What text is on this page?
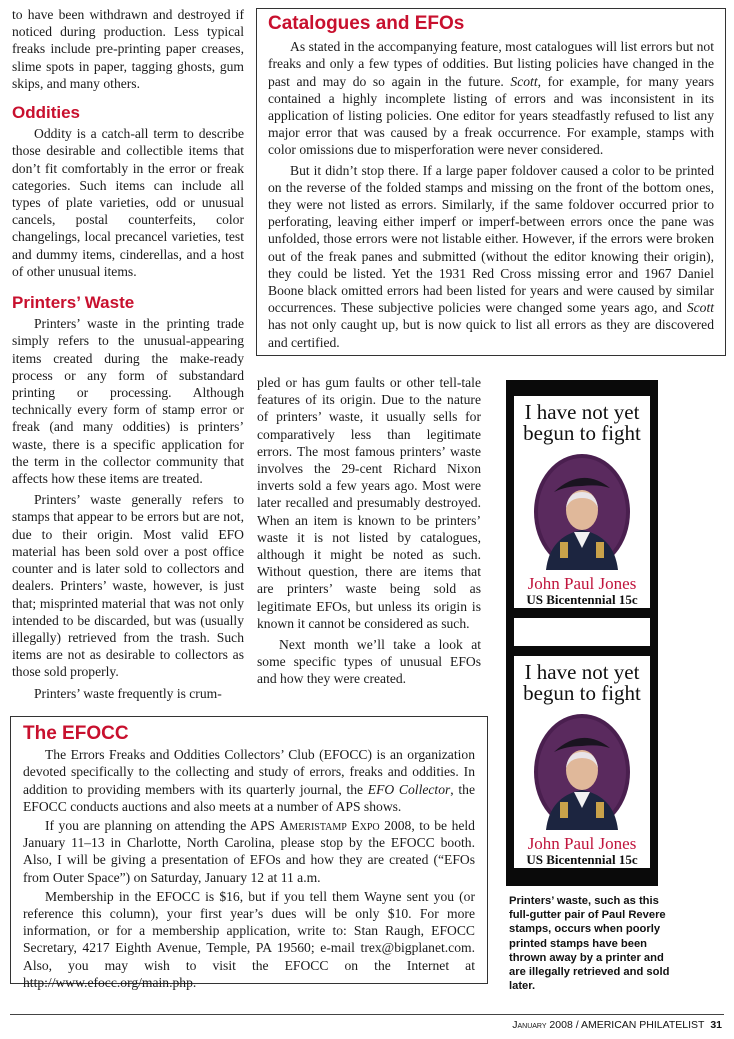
to have been withdrawn and destroyed if noticed during production. Less typical freaks include pre-printing paper creases, slime spots in paper, tagging ghosts, gum skips, and many others.

Oddities

Oddity is a catch-all term to describe those desirable and collectible items that don’t fit comfortably in the error or freak categories. Such items can include all types of plate varieties, odd or unusual cancels, postal counterfeits, color changelings, local precancel varieties, test and dummy items, cinderellas, and a host of other unusual items.

Printers’ Waste

Printers’ waste in the printing trade simply refers to the unusual-appearing items created during the make-ready process or any form of substandard printing or processing. Although technically every form of stamp error or freak (and many oddities) is printers’ waste, there is a specific application for the term in the collector community that affects how these items are treated.

Printers’ waste generally refers to stamps that appear to be errors but are not, due to their origin. Most valid EFO material has been sold over a post office counter and is later sold to collectors and dealers. Printers’ waste, however, is just that; misprinted material that was not only intended to be discarded, but was (usually illegally) retrieved from the trash. Such items are not as desirable to collectors as those sold properly.

Printers’ waste frequently is crum-

Catalogues and EFOs

As stated in the accompanying feature, most catalogues will list errors but not freaks and only a few types of oddities. But listing policies have changed in the past and may do so again in the future. Scott, for example, for many years contained a highly incomplete listing of errors and was inconsistent in its application of listing policies. One editor for years steadfastly refused to list any major error that was caused by a freak occurrence. For example, stamps with color omissions due to misperforation were never considered.

But it didn’t stop there. If a large paper foldover caused a color to be printed on the reverse of the folded stamps and missing on the front of the bottom ones, they were not listed as errors. Similarly, if the same foldover occurred prior to perforating, leaving either imperf or imperf-between errors once the pane was unfolded, those errors were not listable either. However, if the errors were broken out of the freak panes and submitted (without the editor knowing their origin), they could be listed. Yet the 1931 Red Cross missing error and 1967 Daniel Boone black omitted errors had been listed for years and were caused by similar occurrences. These subjective policies were changed some years ago, and Scott has not only caught up, but is now quick to list all errors as they are discovered and certified.

pled or has gum faults or other tell-tale features of its origin. Due to the nature of printers’ waste, it usually sells for comparatively less than legitimate errors. The most famous printers’ waste involves the 29-cent Richard Nixon inverts sold a few years ago. Most were later recalled and presumably destroyed. When an item is known to be printers’ waste it is not listed by catalogues, although it might be noted as such. Without question, there are items that are printers’ waste being sold as legitimate EFOs, but unless its origin is known it cannot be considered as such.

Next month we’ll take a look at some specific types of unusual EFOs and how they were created.

The EFOCC

The Errors Freaks and Oddities Collectors’ Club (EFOCC) is an organization devoted specifically to the collecting and study of errors, freaks and oddities. In addition to providing members with its quarterly journal, the EFO Collector, the EFOCC conducts auctions and also meets at a number of APS shows.

If you are planning on attending the APS Ameristamp Expo 2008, to be held January 11–13 in Charlotte, North Carolina, please stop by the EFOCC booth. Also, I will be giving a presentation of EFOs and how they are created (“EFOs from Outer Space”) on Saturday, January 12 at 11 a.m.

Membership in the EFOCC is $16, but if you tell them Wayne sent you (or reference this column), your first year’s dues will be only $10. For more information, or for a membership application, write to: Stan Raugh, EFOCC Secretary, 4217 Eighth Avenue, Temple, PA 19560; e-mail trex@bigplanet.com. Also, you may wish to visit the EFOCC on the Internet at http://www.efocc.org/main.php.

I have not yet
begun to fight
John Paul Jones
US Bicentennial 15c
I have not yet
begun to fight
John Paul Jones
US Bicentennial 15c
Printers’ waste, such as this full-gutter pair of Paul Revere stamps, occurs when poorly printed stamps have been thrown away by a printer and are illegally retrieved and sold later.
January 2008 / AMERICAN PHILATELIST 31
